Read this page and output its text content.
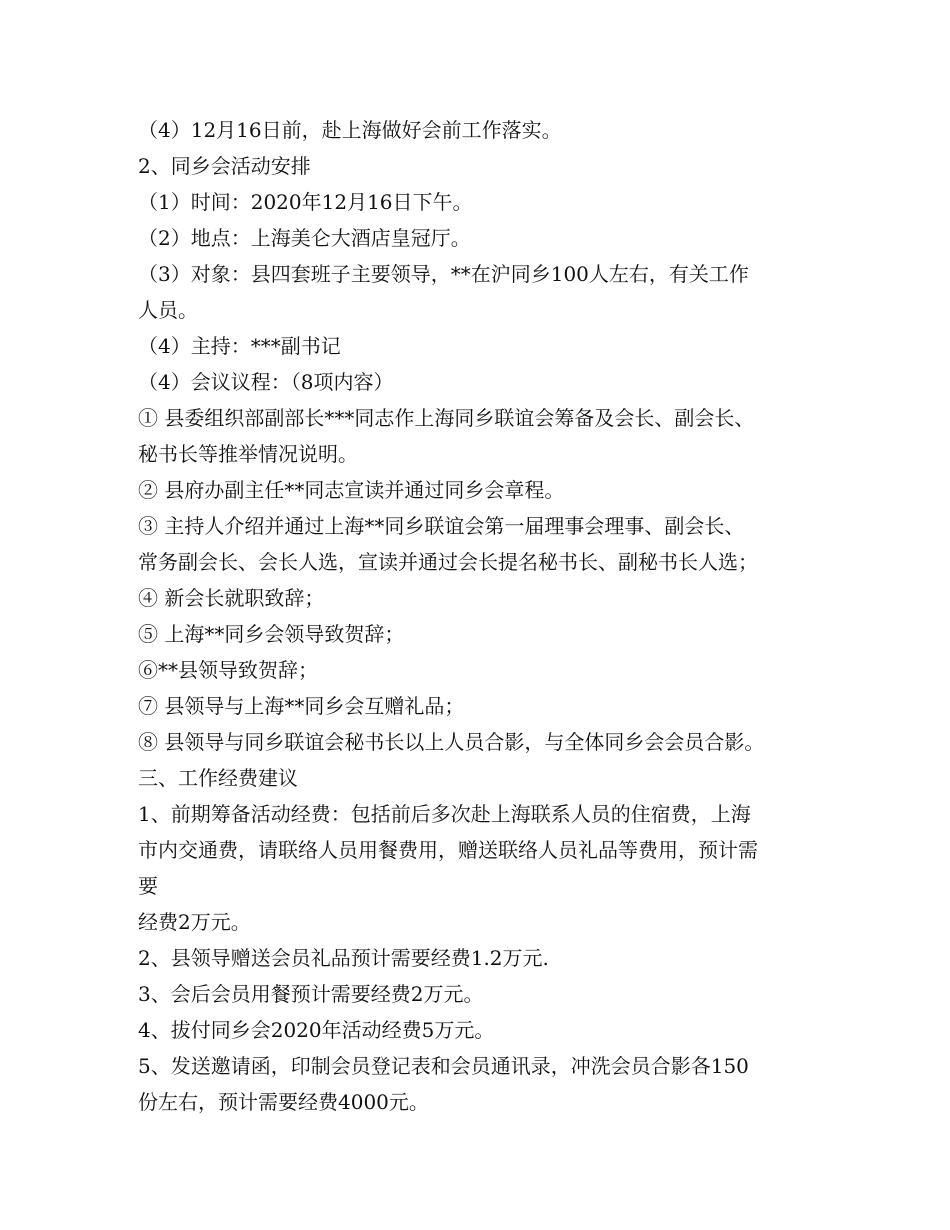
（4）12月16日前，赴上海做好会前工作落实。

2、同乡会活动安排

（1）时间：2020年12月16日下午。

（2）地点：上海美仑大酒店皇冠厅。

（3）对象：县四套班子主要领导，**在沪同乡100人左右，有关工作

人员。

（4）主持：***副书记

（4）会议议程：（8项内容）

① 县委组织部副部长***同志作上海同乡联谊会筹备及会长、副会长、

秘书长等推举情况说明。

② 县府办副主任**同志宣读并通过同乡会章程。

③ 主持人介绍并通过上海**同乡联谊会第一届理事会理事、副会长、

常务副会长、会长人选，宣读并通过会长提名秘书长、副秘书长人选；

④ 新会长就职致辞；

⑤ 上海**同乡会领导致贺辞；

⑥**县领导致贺辞；

⑦ 县领导与上海**同乡会互赠礼品；

⑧ 县领导与同乡联谊会秘书长以上人员合影，与全体同乡会会员合影。

三、工作经费建议

1、前期筹备活动经费：包括前后多次赴上海联系人员的住宿费，上海

市内交通费，请联络人员用餐费用，赠送联络人员礼品等费用，预计需

要

经费2万元。

2、县领导赠送会员礼品预计需要经费1.2万元.

3、会后会员用餐预计需要经费2万元。

4、拔付同乡会2020年活动经费5万元。

5、发送邀请函，印制会员登记表和会员通讯录，冲洗会员合影各150

份左右，预计需要经费4000元。
